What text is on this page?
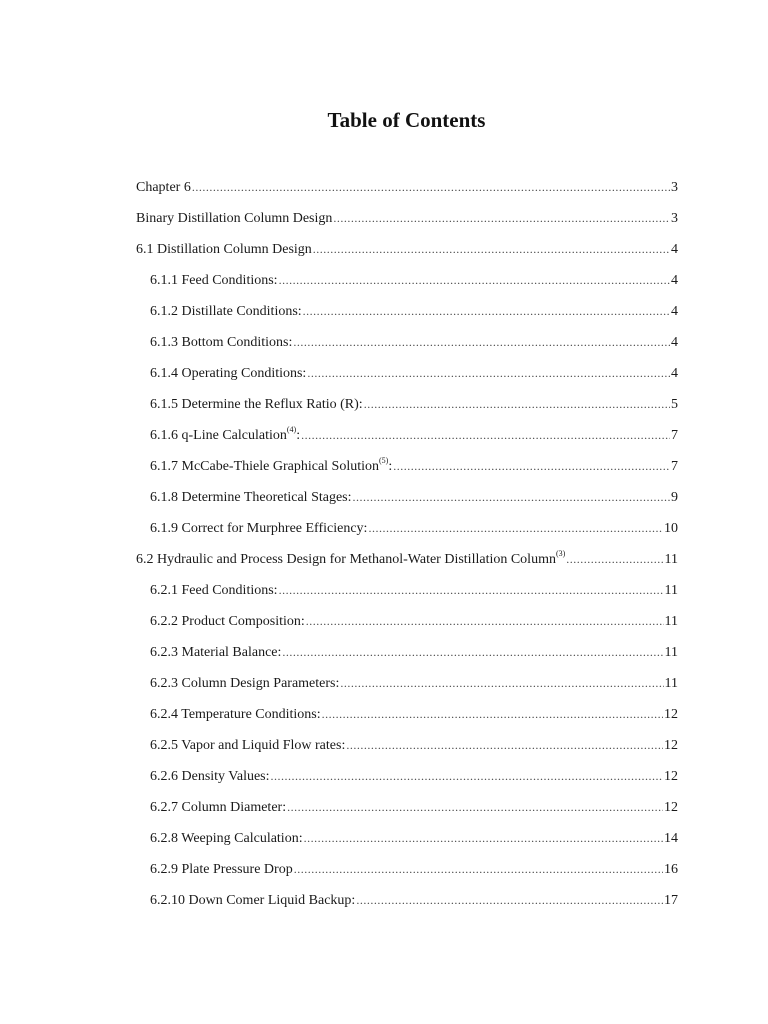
Table of Contents
Chapter 6 .....	3
Binary Distillation Column Design .....	3
6.1 Distillation Column Design .....	4
6.1.1 Feed Conditions: .....	4
6.1.2 Distillate Conditions: .....	4
6.1.3 Bottom Conditions: .....	4
6.1.4 Operating Conditions: .....	4
6.1.5 Determine the Reflux Ratio (R): .....	5
6.1.6 q-Line Calculation$^{(4)}$: .....	7
6.1.7 McCabe-Thiele Graphical Solution$^{(5)}$: .....	7
6.1.8 Determine Theoretical Stages: .....	9
6.1.9 Correct for Murphree Efficiency: .....	10
6.2 Hydraulic and Process Design for Methanol-Water Distillation Column$^{(3)}$ .....	11
6.2.1 Feed Conditions: .....	11
6.2.2 Product Composition: .....	11
6.2.3 Material Balance: .....	11
6.2.3 Column Design Parameters: .....	11
6.2.4 Temperature Conditions: .....	12
6.2.5 Vapor and Liquid Flow rates: .....	12
6.2.6 Density Values: .....	12
6.2.7 Column Diameter: .....	12
6.2.8 Weeping Calculation: .....	14
6.2.9 Plate Pressure Drop .....	16
6.2.10 Down Comer Liquid Backup: .....	17
